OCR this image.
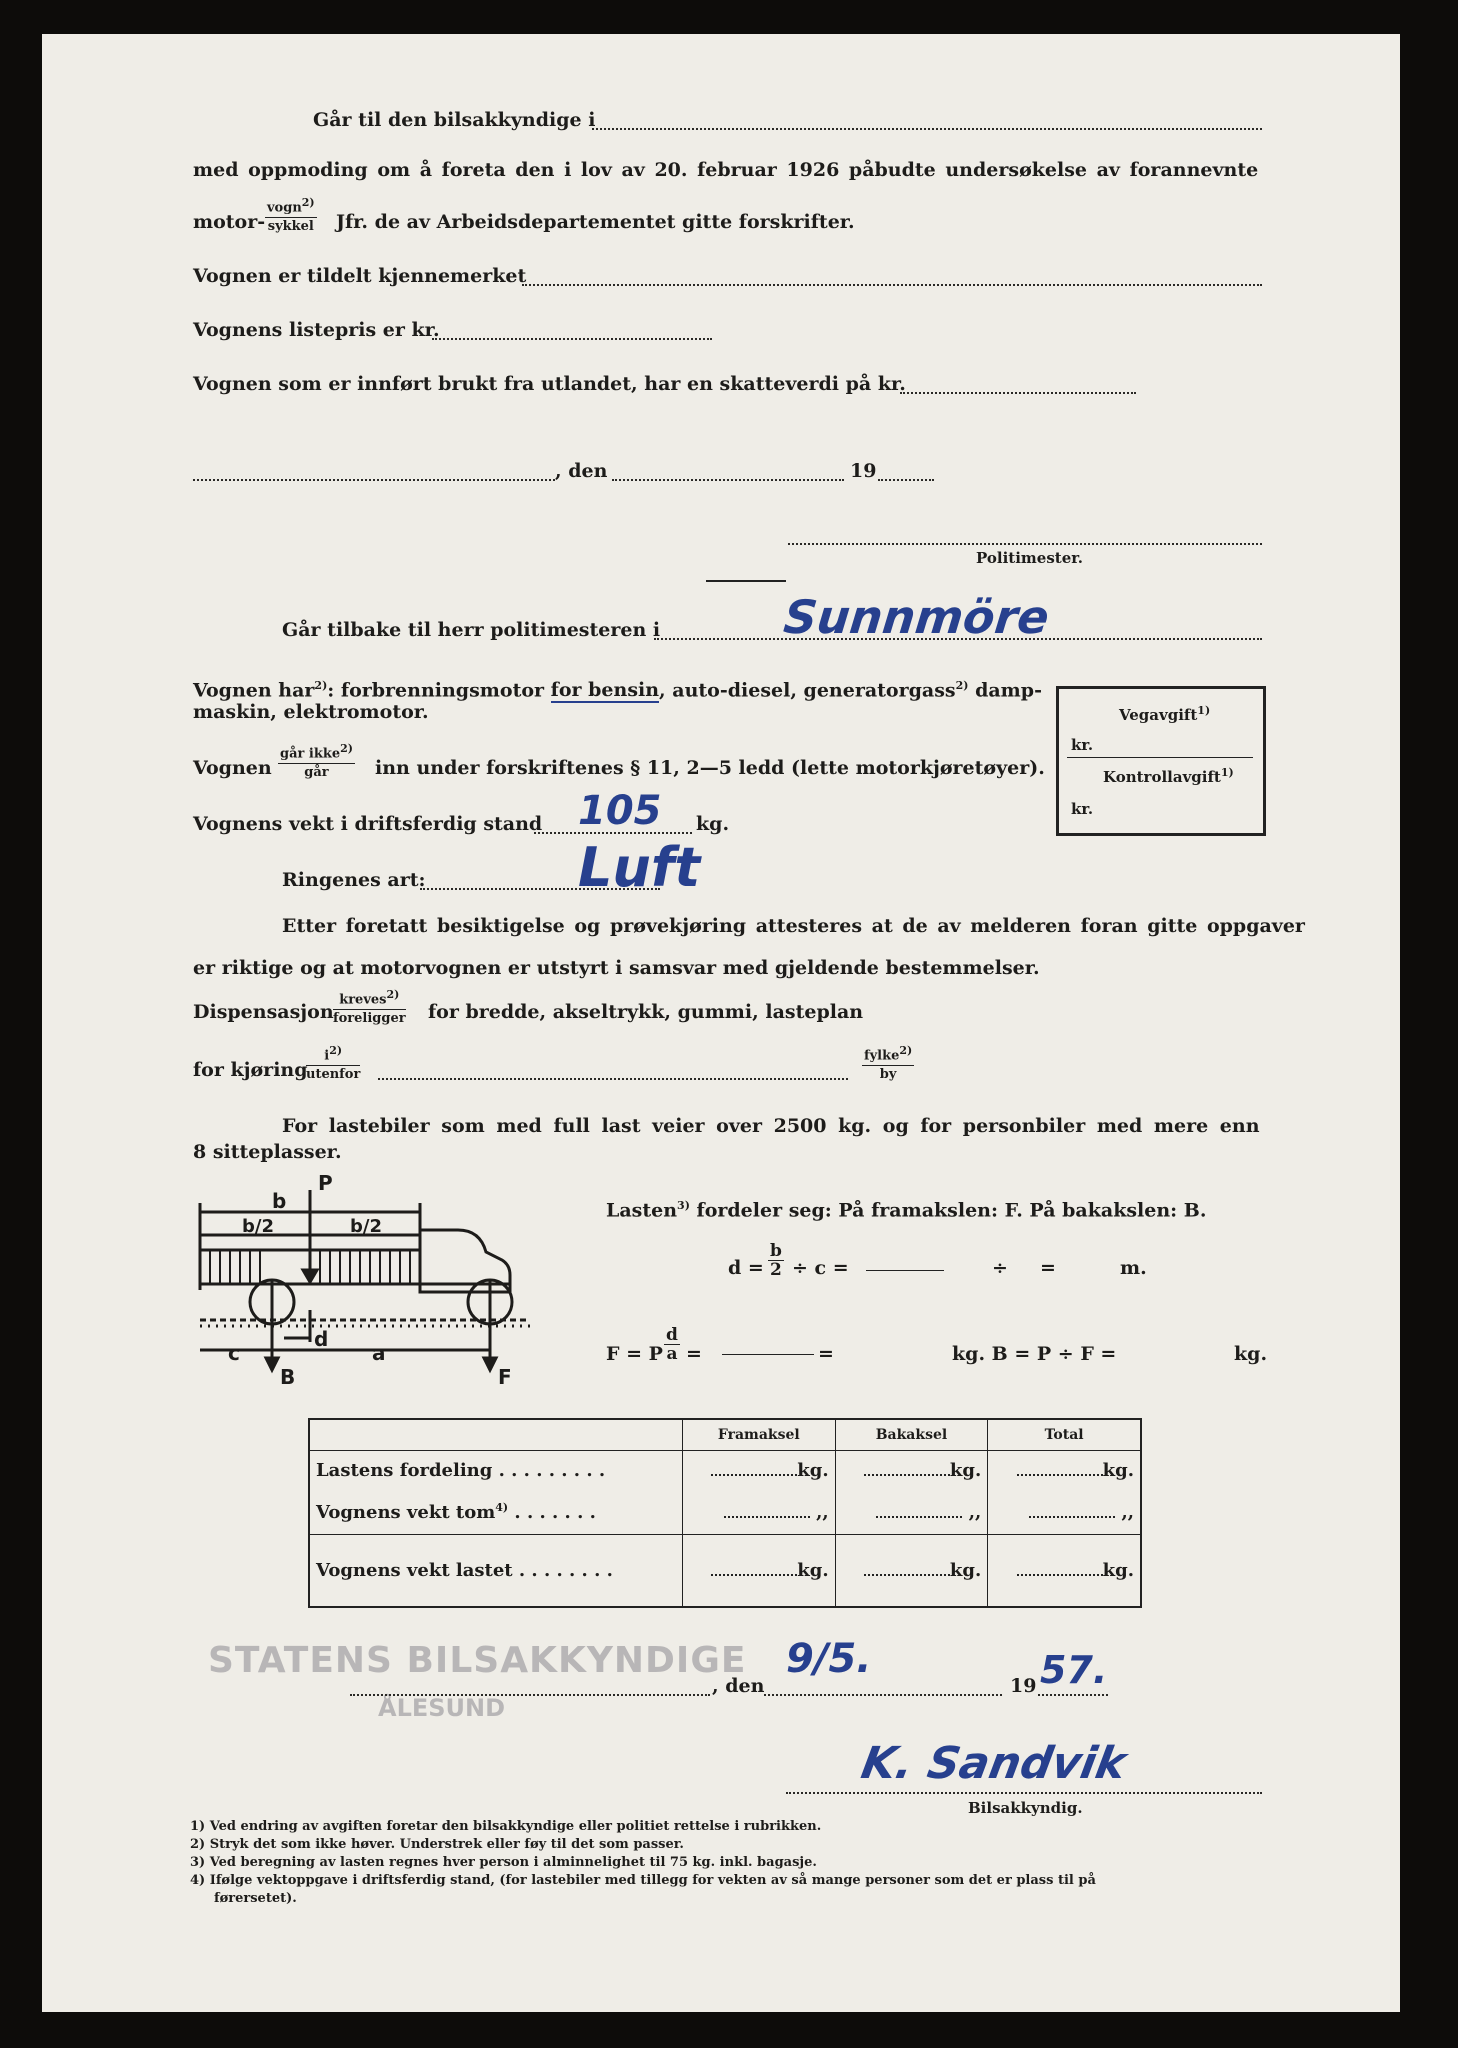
Går til den bilsakkyndige i
med oppmoding om å foreta den i lov av 20. februar 1926 påbudte undersøkelse av forannevnte
motor-
vogn$^{2)}$
sykkel Jfr. de av Arbeidsdepartementet gitte forskrifter.
Vognen er tildelt kjennemerket
Vognens listepris er kr.
Vognen som er innført brukt fra utlandet, har en skatteverdi på kr.
, den	19
Politimester.
Går tilbake til herr politimesteren i	Sunnmöre
Vognen har$^{2)}$: forbrenningsmotor for bensin, auto-diesel, generatorgass$^{2)}$ damp-
maskin, elektromotor.	Vegavgift$^{1)}$
kr.
Kontrollavgift$^{1)}$
kr.
Vognen
går ikke$^{2)}$
går	inn under forskriftenes § 11, 2—5 ledd (lette motorkjøretøyer).
Vognens vekt i driftsferdig stand 105 kg.
Ringenes art:	Luft
Etter foretatt besiktigelse og prøvekjøring attesteres at de av melderen foran gitte oppgaver
er riktige og at motorvognen er utstyrt i samsvar med gjeldende bestemmelser.
Dispensasjon
kreves$^{2)}$
foreligger for bredde, akseltrykk, gummi, lasteplan
for kjøring
$i^{2)}$
utenfor
fylke$^{2)}$
by
For lastebiler som med full last veier over 2500 kg. og for personbiler med mere enn
8 sitteplasser.
P
b
b/2	b/2
c	a
d
B	F
Lasten$^{3)}$ fordeler seg: På framakslen: F. På bakakslen: B.
$d = \frac{b}{2} \div c$ =	÷ =	m.
F = P $\frac{d}{a}$ =	=	kg. B = P ÷ F =	kg.
	Framaksel	Bakaksel	Total
Lastens fordeling . . . . . . . . .	kg.	kg.	kg.
Vognens vekt tom$^{4)}$ . . . . . . .	,,	,,	,,
Vognens vekt lastet . . . . . . . .	kg.	kg.	kg.
STATENS BILSAKKYNDIGE
ÅLESUND
, den
9/5.
19 57.
K. Sandvik
Bilsakkyndig.
1) Ved endring av avgiften foretar den bilsakkyndige eller politiet rettelse i rubrikken.
2) Stryk det som ikke høver. Understrek eller føy til det som passer.
3) Ved beregning av lasten regnes hver person i alminnelighet til 75 kg. inkl. bagasje.
4) Ifølge vektoppgave i driftsferdig stand, (for lastebiler med tillegg for vekten av så mange personer som det er plass til på
førersetet).
